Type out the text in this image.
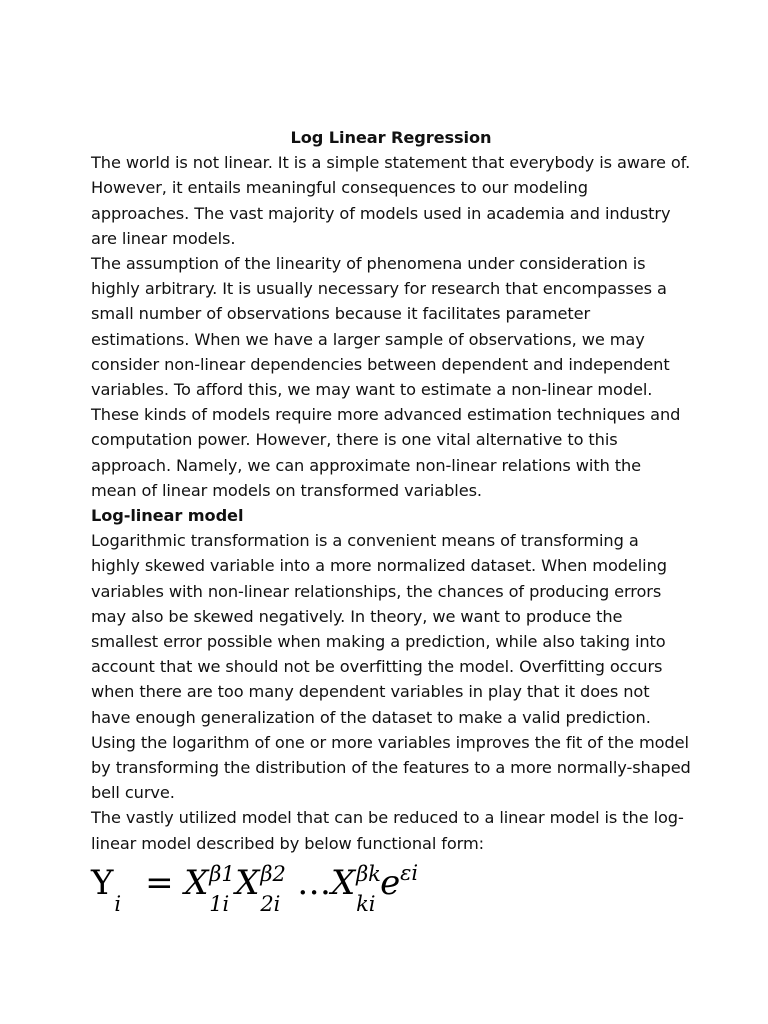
Log Linear Regression

The world is not linear. It is a simple statement that everybody is aware of. However, it entails meaningful consequences to our modeling approaches. The vast majority of models used in academia and industry are linear models.

The assumption of the linearity of phenomena under consideration is highly arbitrary. It is usually necessary for research that encompasses a small number of observations because it facilitates parameter estimations. When we have a larger sample of observations, we may consider non-linear dependencies between dependent and independent variables. To afford this, we may want to estimate a non-linear model. These kinds of models require more advanced estimation techniques and computation power. However, there is one vital alternative to this approach. Namely, we can approximate non-linear relations with the mean of linear models on transformed variables.

Log-linear model

Logarithmic transformation is a convenient means of transforming a highly skewed variable into a more normalized dataset. When modeling variables with non-linear relationships, the chances of producing errors may also be skewed negatively. In theory, we want to produce the smallest error possible when making a prediction, while also taking into account that we should not be overfitting the model. Overfitting occurs when there are too many dependent variables in play that it does not have enough generalization of the dataset to make a valid prediction. Using the logarithm of one or more variables improves the fit of the model by transforming the distribution of the features to a more normally-shaped bell curve.

The vastly utilized model that can be reduced to a linear model is the log-linear model described by below functional form:

Y
i
= X β1
1i
X β2
2i
…X βk
ki
$e^{\varepsilon i}$
